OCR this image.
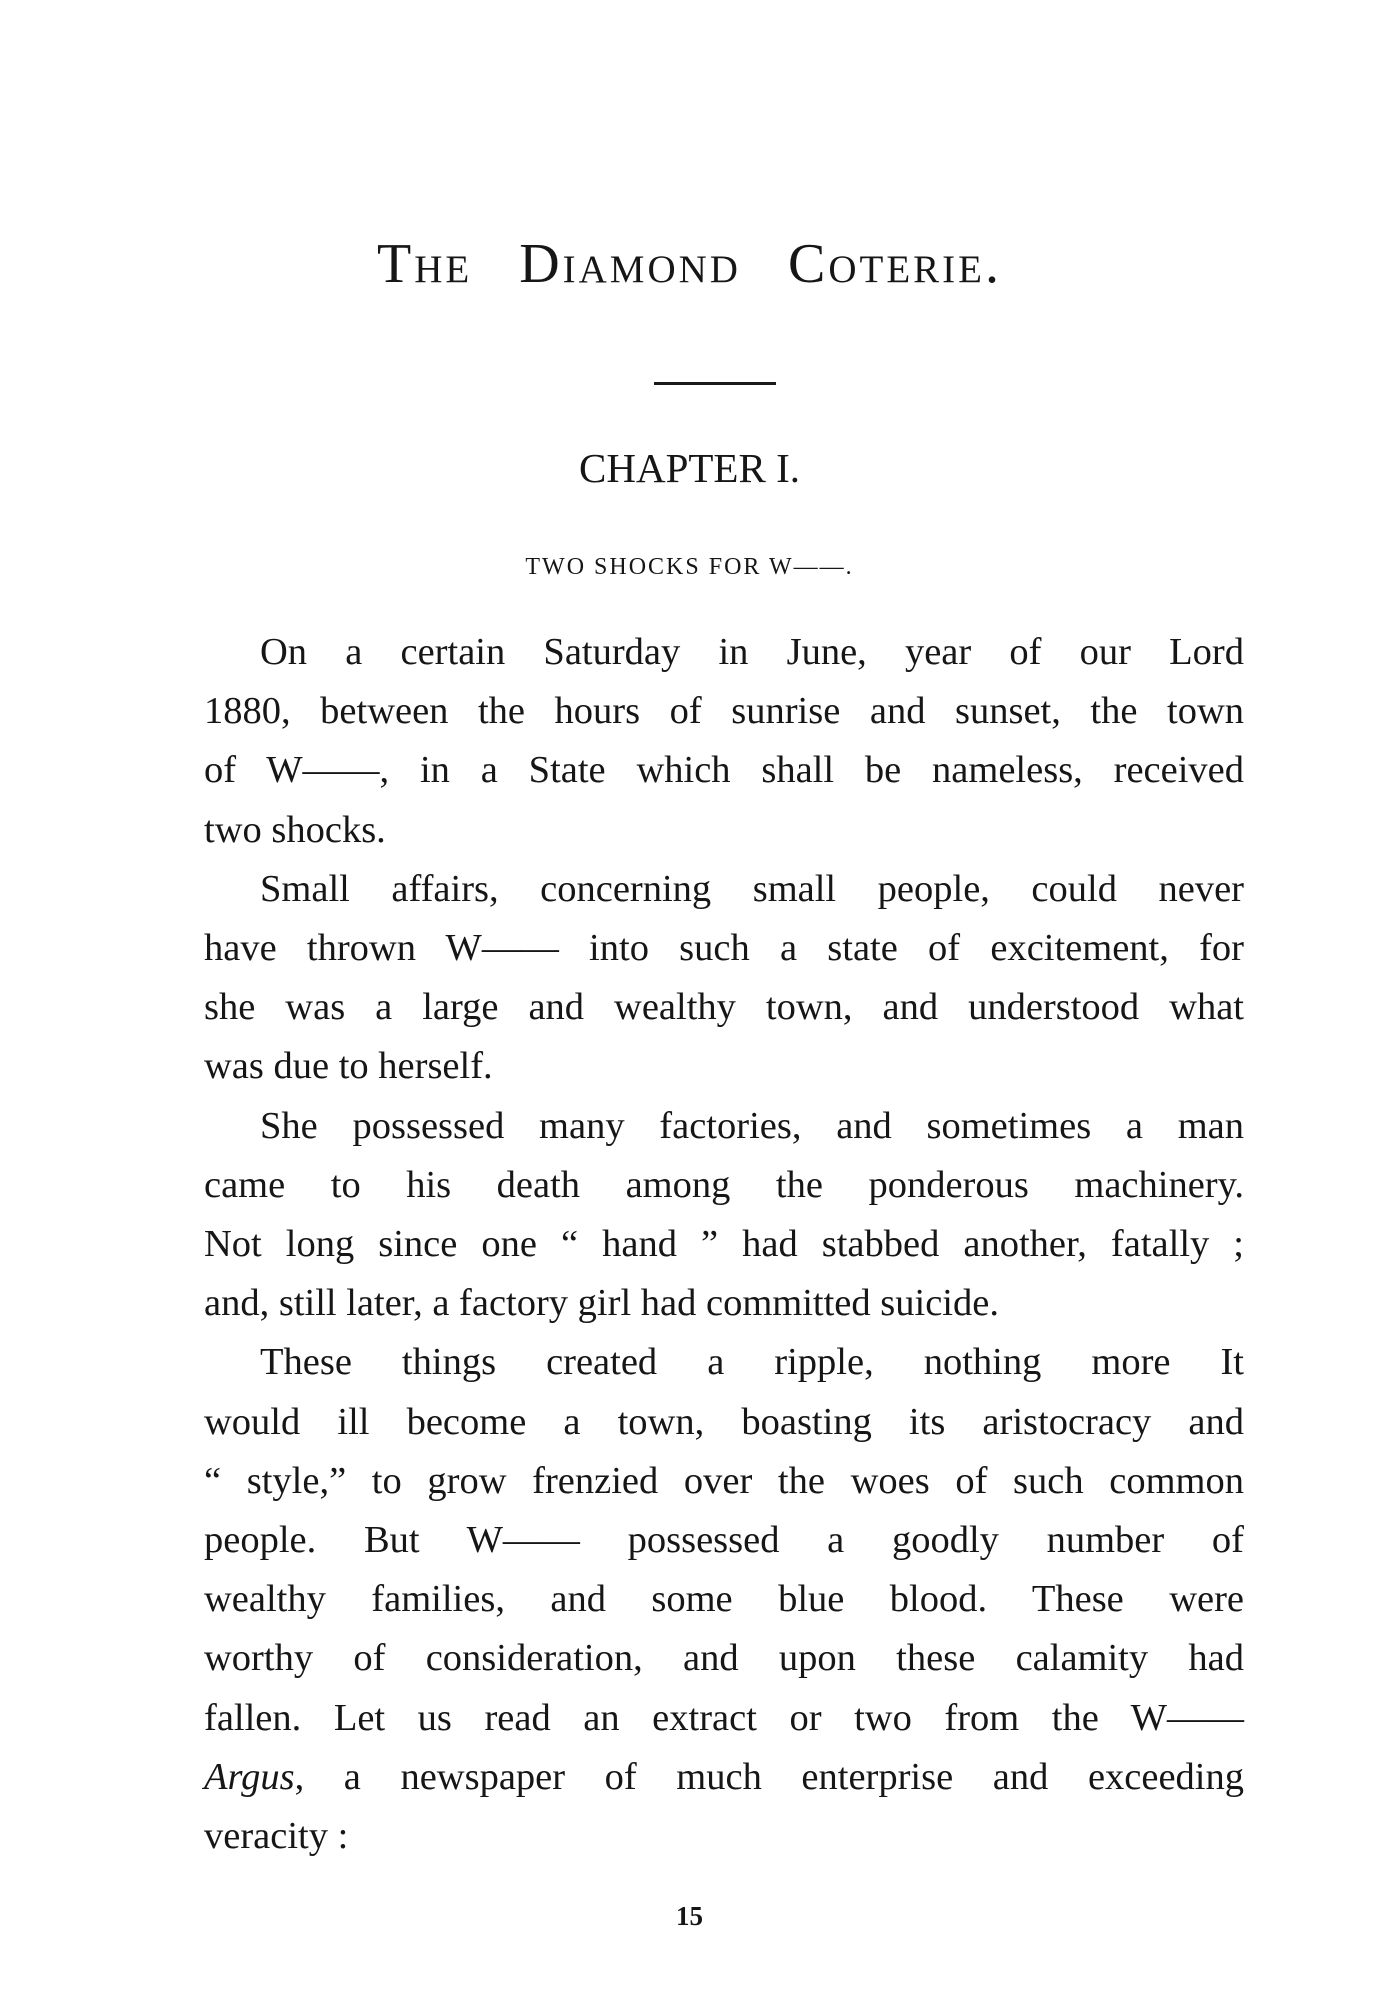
The Diamond Coterie.
CHAPTER I.
TWO SHOCKS FOR W——.
On a certain Saturday in June, year of our Lord
1880, between the hours of sunrise and sunset, the town
of W——, in a State which shall be nameless, received
two shocks.
Small affairs, concerning small people, could never
have thrown W—— into such a state of excitement, for
she was a large and wealthy town, and understood what
was due to herself.
She possessed many factories, and sometimes a man
came to his death among the ponderous machinery.
Not long since one “ hand ” had stabbed another, fatally ;
and, still later, a factory girl had committed suicide.
These things created a ripple, nothing more It
would ill become a town, boasting its aristocracy and
“ style,” to grow frenzied over the woes of such common
people. But W—— possessed a goodly number of
wealthy families, and some blue blood. These were
worthy of consideration, and upon these calamity had
fallen. Let us read an extract or two from the W——
Argus, a newspaper of much enterprise and exceeding
veracity :
15
